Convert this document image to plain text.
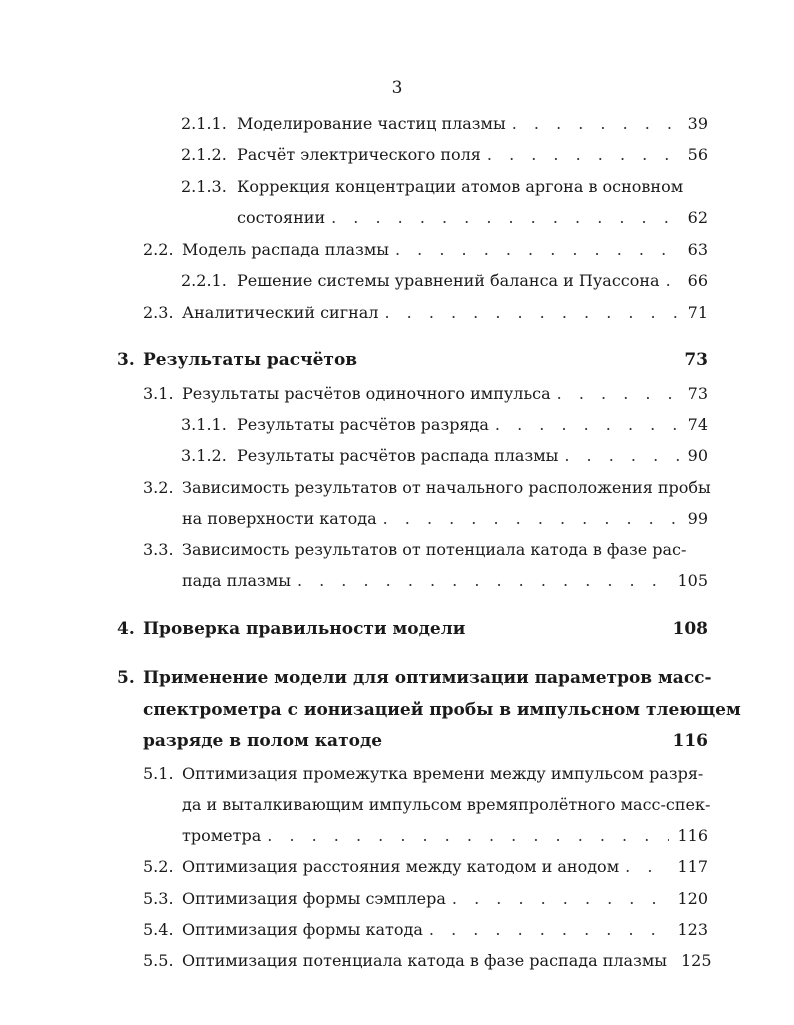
3
2.1.1. Моделирование частиц плазмы . . .	39
2.1.2. Расчёт электрического поля . . .	56
2.1.3. Коррекция концентрации атомов аргона в основном
состоянии . . .	62
2.2. Модель распада плазмы . . .	63
2.2.1. Решение системы уравнений баланса и Пуассона . . . 66
2.3. Аналитический сигнал . . .	71
3. Результаты расчётов	73
3.1. Результаты расчётов одиночного импульса . . .	73
3.1.1. Результаты расчётов разряда . . .	74
3.1.2. Результаты расчётов распада плазмы . . .	90
3.2. Зависимость результатов от начального расположения пробы
на поверхности катода . . .	99
3.3. Зависимость результатов от потенциала катода в фазе рас-
пада плазмы . . .	105
4. Проверка правильности модели	108
5. Применение модели для оптимизации параметров масс-
спектрометра с ионизацией пробы в импульсном тлеющем
разряде в полом катоде	116
5.1. Оптимизация промежутка времени между импульсом разря-
да и выталкивающим импульсом времяпролётного масс-спек-
трометра . . .	116
5.2. Оптимизация расстояния между катодом и анодом . . .	117
5.3. Оптимизация формы сэмплера . . .	120
5.4. Оптимизация формы катода . . .	123
5.5. Оптимизация потенциала катода в фазе распада плазмы 125
